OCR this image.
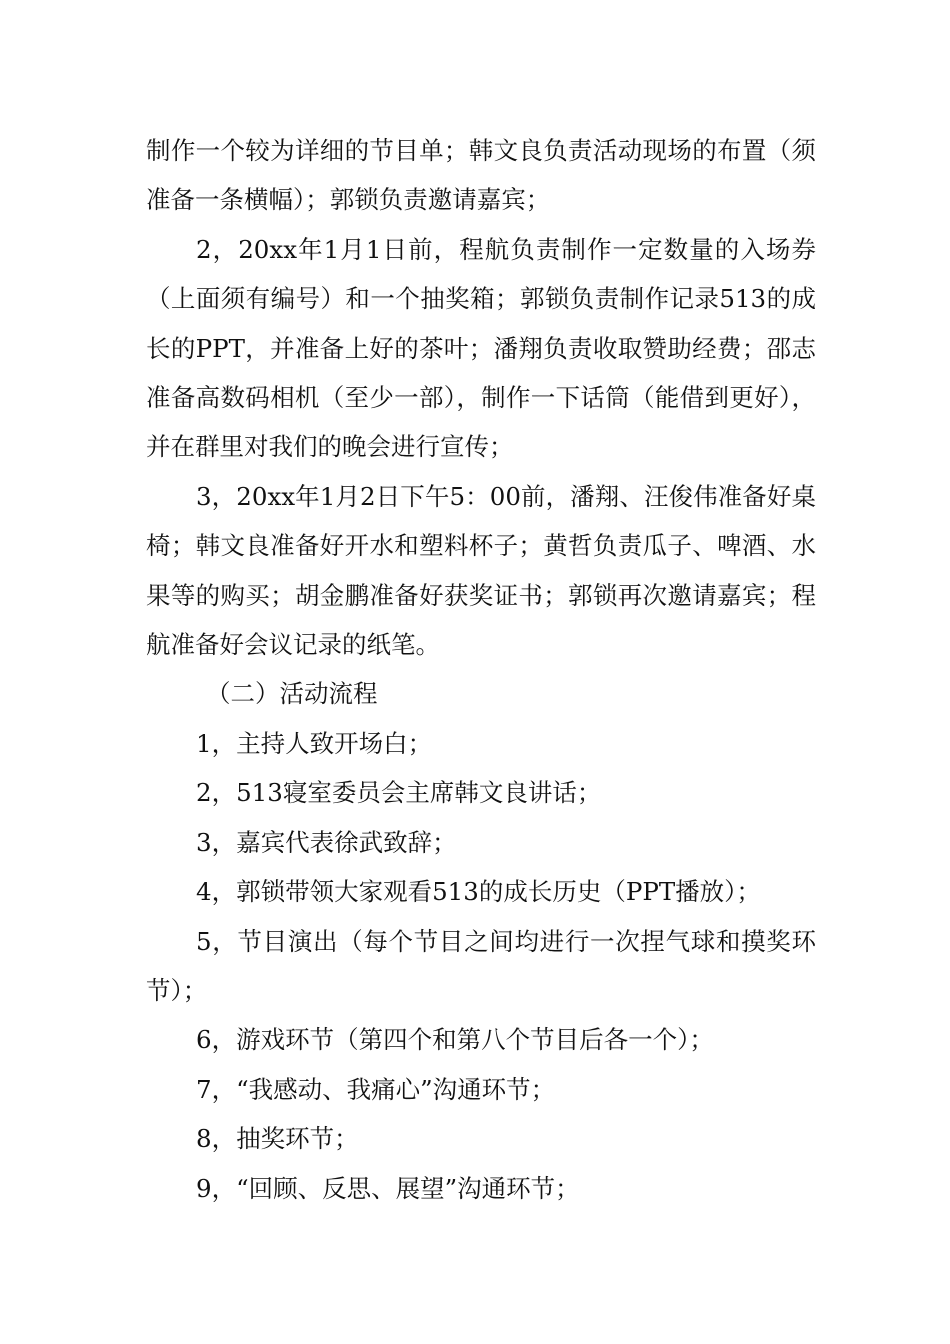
制作一个较为详细的节目单；韩文良负责活动现场的布置（须准备一条横幅）；郭锁负责邀请嘉宾；

2，20xx年1月1日前，程航负责制作一定数量的入场券（上面须有编号）和一个抽奖箱；郭锁负责制作记录513的成长的PPT，并准备上好的茶叶；潘翔负责收取赞助经费；邵志准备高数码相机（至少一部），制作一下话筒（能借到更好），并在群里对我们的晚会进行宣传；

3，20xx年1月2日下午5：00前，潘翔、汪俊伟准备好桌椅；韩文良准备好开水和塑料杯子；黄哲负责瓜子、啤酒、水果等的购买；胡金鹏准备好获奖证书；郭锁再次邀请嘉宾；程航准备好会议记录的纸笔。

（二）活动流程

1，主持人致开场白；

2，513寝室委员会主席韩文良讲话；

3，嘉宾代表徐武致辞；

4，郭锁带领大家观看513的成长历史（PPT播放）；

5，节目演出（每个节目之间均进行一次捏气球和摸奖环节）；

6，游戏环节（第四个和第八个节目后各一个）；

7，“我感动、我痛心”沟通环节；

8，抽奖环节；

9，“回顾、反思、展望”沟通环节；
